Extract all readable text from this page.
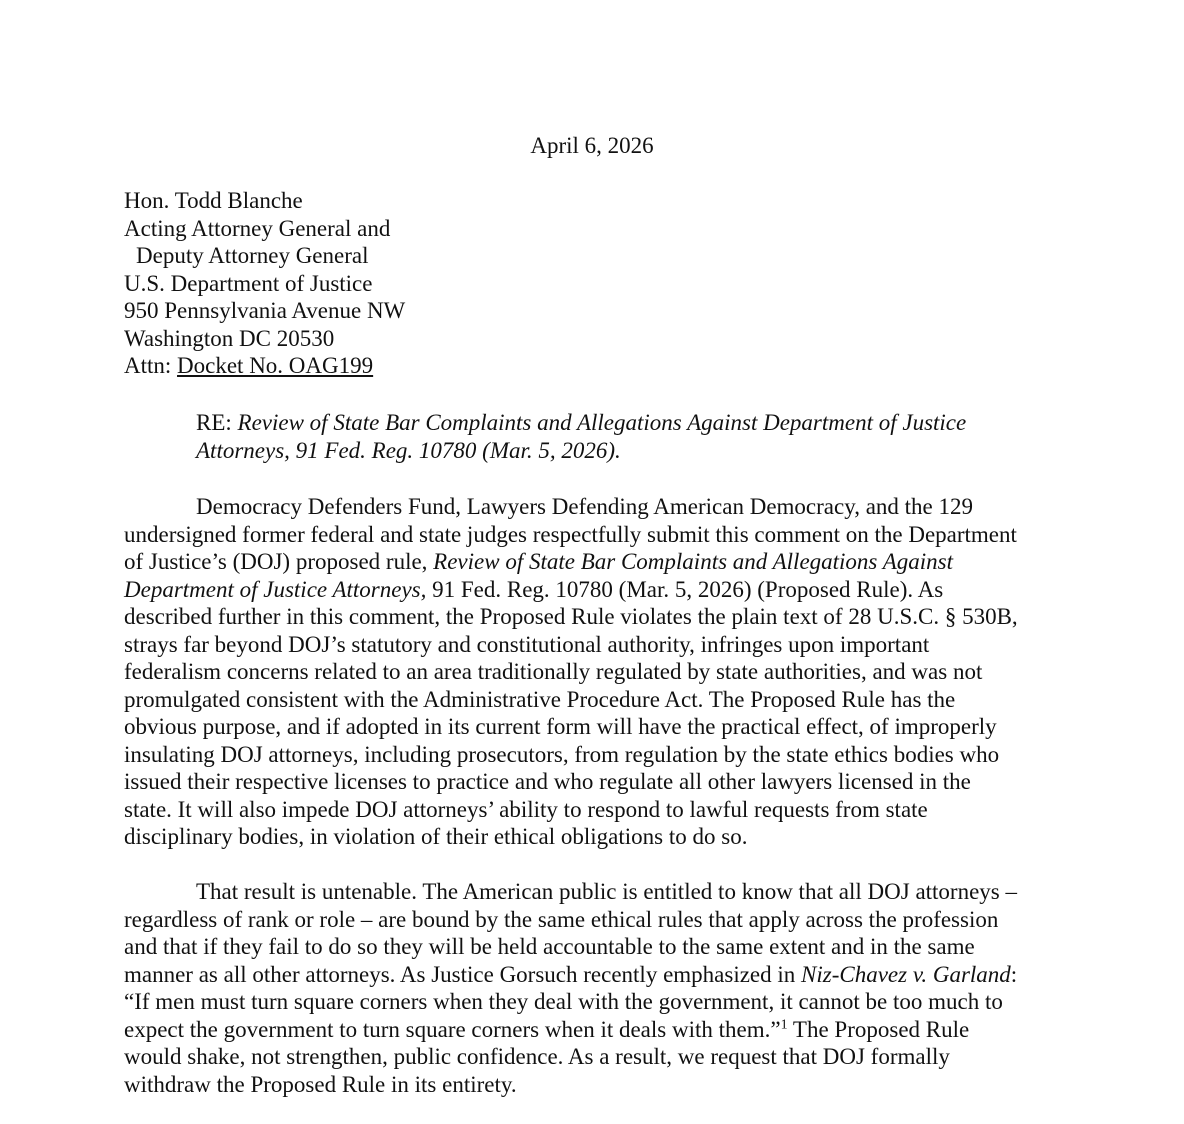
April 6, 2026
Hon. Todd Blanche
Acting Attorney General and
Deputy Attorney General
U.S. Department of Justice
950 Pennsylvania Avenue NW
Washington DC 20530
Attn: Docket No. OAG199
RE: Review of State Bar Complaints and Allegations Against Department of Justice
Attorneys, 91 Fed. Reg. 10780 (Mar. 5, 2026).
Democracy Defenders Fund, Lawyers Defending American Democracy, and the 129
undersigned former federal and state judges respectfully submit this comment on the Department
of Justice’s (DOJ) proposed rule, Review of State Bar Complaints and Allegations Against
Department of Justice Attorneys, 91 Fed. Reg. 10780 (Mar. 5, 2026) (Proposed Rule). As
described further in this comment, the Proposed Rule violates the plain text of 28 U.S.C. § 530B,
strays far beyond DOJ’s statutory and constitutional authority, infringes upon important
federalism concerns related to an area traditionally regulated by state authorities, and was not
promulgated consistent with the Administrative Procedure Act. The Proposed Rule has the
obvious purpose, and if adopted in its current form will have the practical effect, of improperly
insulating DOJ attorneys, including prosecutors, from regulation by the state ethics bodies who
issued their respective licenses to practice and who regulate all other lawyers licensed in the
state. It will also impede DOJ attorneys’ ability to respond to lawful requests from state
disciplinary bodies, in violation of their ethical obligations to do so.
That result is untenable. The American public is entitled to know that all DOJ attorneys –
regardless of rank or role – are bound by the same ethical rules that apply across the profession
and that if they fail to do so they will be held accountable to the same extent and in the same
manner as all other attorneys. As Justice Gorsuch recently emphasized in Niz-Chavez v. Garland:
“If men must turn square corners when they deal with the government, it cannot be too much to
expect the government to turn square corners when it deals with them.”$^1$ The Proposed Rule
would shake, not strengthen, public confidence. As a result, we request that DOJ formally
withdraw the Proposed Rule in its entirety.
